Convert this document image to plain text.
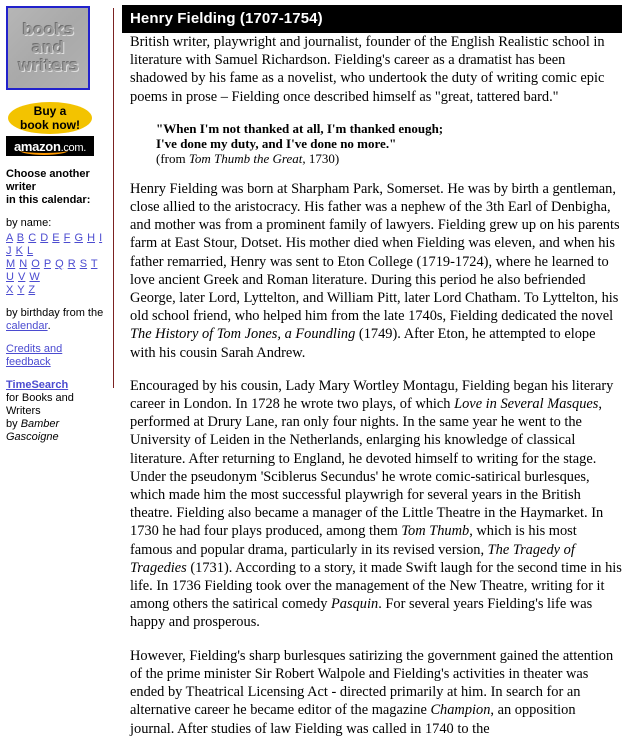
books
and
writers
Buy a
book now!
amazon.com.
Choose another writer
in this calendar:
by name:
A B C D E F G H I J K L
M N O P Q R S T U V W
X Y Z
by birthday from the
calendar.
Credits and feedback
TimeSearch
for Books and Writers
by Bamber Gascoigne
Henry Fielding (1707-1754)

British writer, playwright and journalist, founder of the English Realistic school in literature with Samuel Richardson. Fielding's career as a dramatist has been shadowed by his fame as a novelist, who undertook the duty of writing comic epic poems in prose – Fielding once described himself as "great, tattered bard."

"When I'm not thanked at all, I'm thanked enough;
I've done my duty, and I've done no more."
(from Tom Thumb the Great, 1730)

Henry Fielding was born at Sharpham Park, Somerset. He was by birth a gentleman, close allied to the aristocracy. His father was a nephew of the 3th Earl of Denbigha, and mother was from a prominent family of lawyers. Fielding grew up on his parents farm at East Stour, Dotset. His mother died when Fielding was eleven, and when his father remarried, Henry was sent to Eton College (1719-1724), where he learned to love ancient Greek and Roman literature. During this period he also befriended George, later Lord, Lyttelton, and William Pitt, later Lord Chatham. To Lyttelton, his old school friend, who helped him from the late 1740s, Fielding dedicated the novel The History of Tom Jones, a Foundling (1749). After Eton, he attempted to elope with his cousin Sarah Andrew.

Encouraged by his cousin, Lady Mary Wortley Montagu, Fielding began his literary career in London. In 1728 he wrote two plays, of which Love in Several Masques, performed at Drury Lane, ran only four nights. In the same year he went to the University of Leiden in the Netherlands, enlarging his knowledge of classical literature. After returning to England, he devoted himself to writing for the stage. Under the pseudonym 'Sciblerus Secundus' he wrote comic-satirical burlesques, which made him the most successful playwrigh for several years in the British theatre. Fielding also became a manager of the Little Theatre in the Haymarket. In 1730 he had four plays produced, among them Tom Thumb, which is his most famous and popular drama, particularly in its revised version, The Tragedy of Tragedies (1731). According to a story, it made Swift laugh for the second time in his life. In 1736 Fielding took over the management of the New Theatre, writing for it among others the satirical comedy Pasquin. For several years Fielding's life was happy and prosperous.

However, Fielding's sharp burlesques satirizing the government gained the attention of the prime minister Sir Robert Walpole and Fielding's activities in theater was ended by Theatrical Licensing Act - directed primarily at him. In search for an alternative career he became editor of the magazine Champion, an opposition journal. After studies of law Fielding was called in 1740 to the
